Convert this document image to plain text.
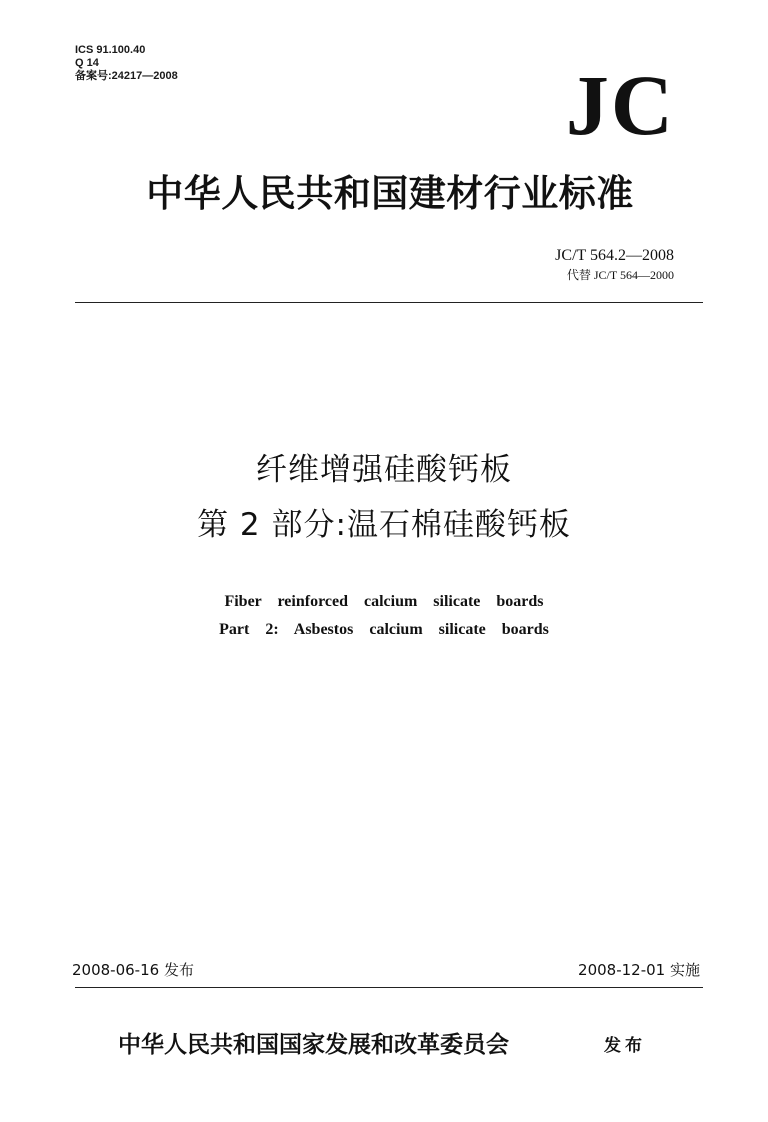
ICS 91.100.40
Q 14
备案号:24217—2008	JC
中华人民共和国建材行业标准
JC/T 564.2—2008
代替 JC/T 564—2000
纤维增强硅酸钙板
第 2 部分:温石棉硅酸钙板
Fiber reinforced calcium silicate boards
Part 2: Asbestos calcium silicate boards
2008-06-16 发布	2008-12-01 实施
中华人民共和国国家发展和改革委员会	发布
